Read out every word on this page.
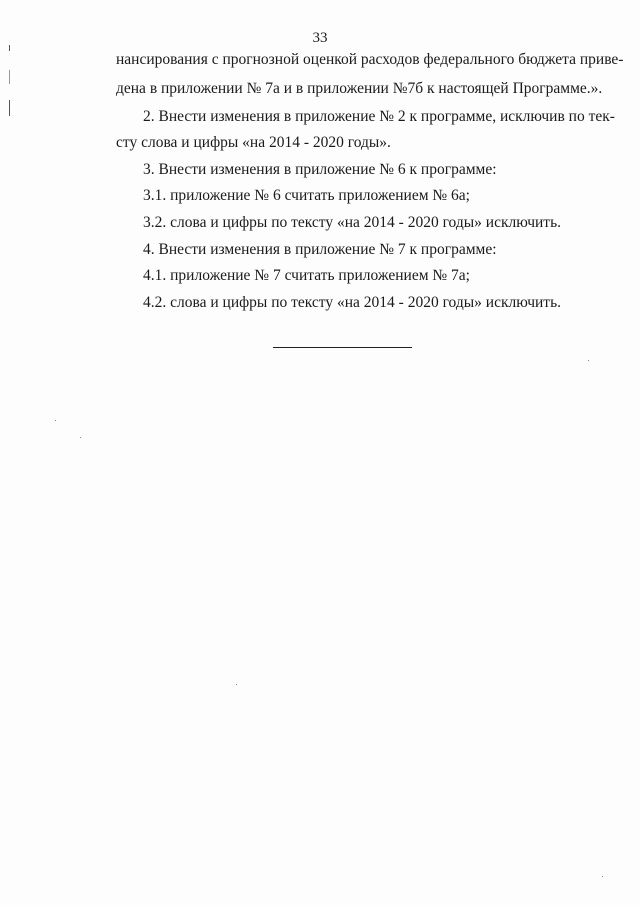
33
нансирования с прогнозной оценкой расходов федерального бюджета приве-
дена в приложении № 7а и в приложении №7б к настоящей Программе.».
2. Внести изменения в приложение № 2 к программе, исключив по тек-
сту слова и цифры «на 2014 - 2020 годы».
3. Внести изменения в приложение № 6 к программе:
3.1. приложение № 6 считать приложением № 6а;
3.2. слова и цифры по тексту «на 2014 - 2020 годы» исключить.
4. Внести изменения в приложение № 7 к программе:
4.1. приложение № 7 считать приложением № 7а;
4.2. слова и цифры по тексту «на 2014 - 2020 годы» исключить.
